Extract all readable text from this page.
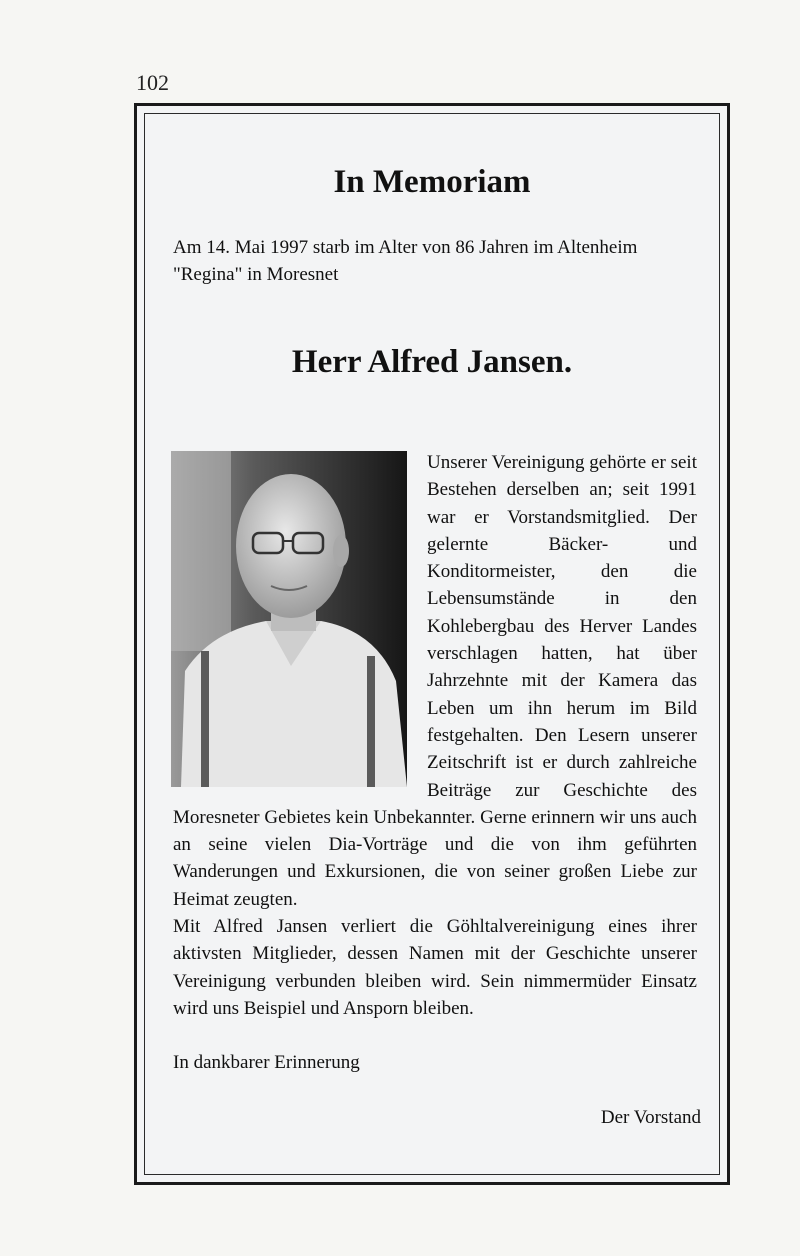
102
In Memoriam

Am 14. Mai 1997 starb im Alter von 86 Jahren im Altenheim "Regina" in Moresnet

Herr Alfred Jansen.
Unserer Vereinigung gehörte er seit Bestehen derselben an; seit 1991 war er Vorstandsmitglied. Der gelernte Bäcker- und Konditormeister, den die Lebensumstände in den Kohlebergbau des Herver Landes verschlagen hatten, hat über Jahrzehnte mit der Kamera das Leben um ihn herum im Bild festgehalten. Den Lesern unserer Zeitschrift ist er durch zahlreiche Beiträge zur Geschichte des Moresneter Gebietes kein Unbekannter. Gerne erinnern wir uns auch an seine vielen Dia-Vorträge und die von ihm geführten Wanderungen und Exkursionen, die von seiner großen Liebe zur Heimat zeugten.
Mit Alfred Jansen verliert die Göhltalvereinigung eines ihrer aktivsten Mitglieder, dessen Namen mit der Geschichte unserer Vereinigung verbunden bleiben wird. Sein nimmermüder Einsatz wird uns Beispiel und Ansporn bleiben.

In dankbarer Erinnerung

Der Vorstand
